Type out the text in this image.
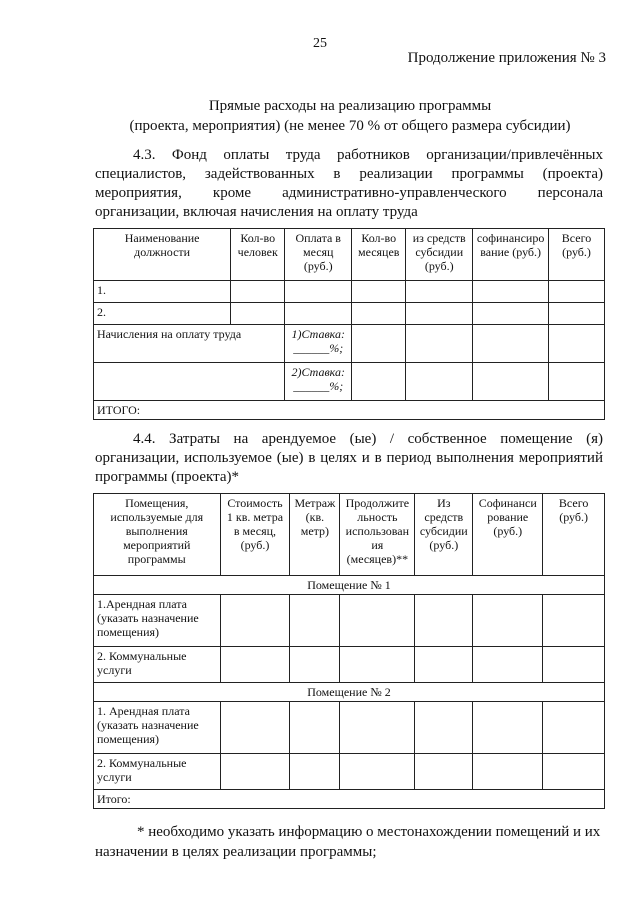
25
Продолжение приложения № 3
Прямые расходы на реализацию программы
(проекта, мероприятия) (не менее 70 % от общего размера субсидии)
4.3. Фонд оплаты труда работников организации/привлечённых специалистов, задействованных в реализации программы (проекта) мероприятия, кроме административно-управленческого персонала организации, включая начисления на оплату труда
Наименование должности	Кол-во человек	Оплата в месяц (руб.)	Кол-во месяцев	из средств субсидии (руб.)	софинансиро вание (руб.)	Всего (руб.)
1.						
2.						
Начисления на оплату труда		1)Ставка: ______%;				
		2)Ставка: ______%;				
ИТОГО:						
4.4. Затраты на арендуемое (ые) / собственное помещение (я) организации, используемое (ые) в целях и в период выполнения мероприятий программы (проекта)*
Помещения, используемые для выполнения мероприятий программы	Стоимость 1 кв. метра в месяц, (руб.)	Метраж (кв. метр)	Продолжите льность использован ия (месяцев)**	Из средств субсидии (руб.)	Софинанси рование (руб.)	Всего (руб.)
Помещение № 1						
1.Арендная плата (указать назначение помещения)						
2. Коммунальные услуги						
Помещение № 2						
1. Арендная плата (указать назначение помещения)						
2. Коммунальные услуги						
Итого:						
* необходимо указать информацию о местонахождении помещений и их назначении в целях реализации программы;
